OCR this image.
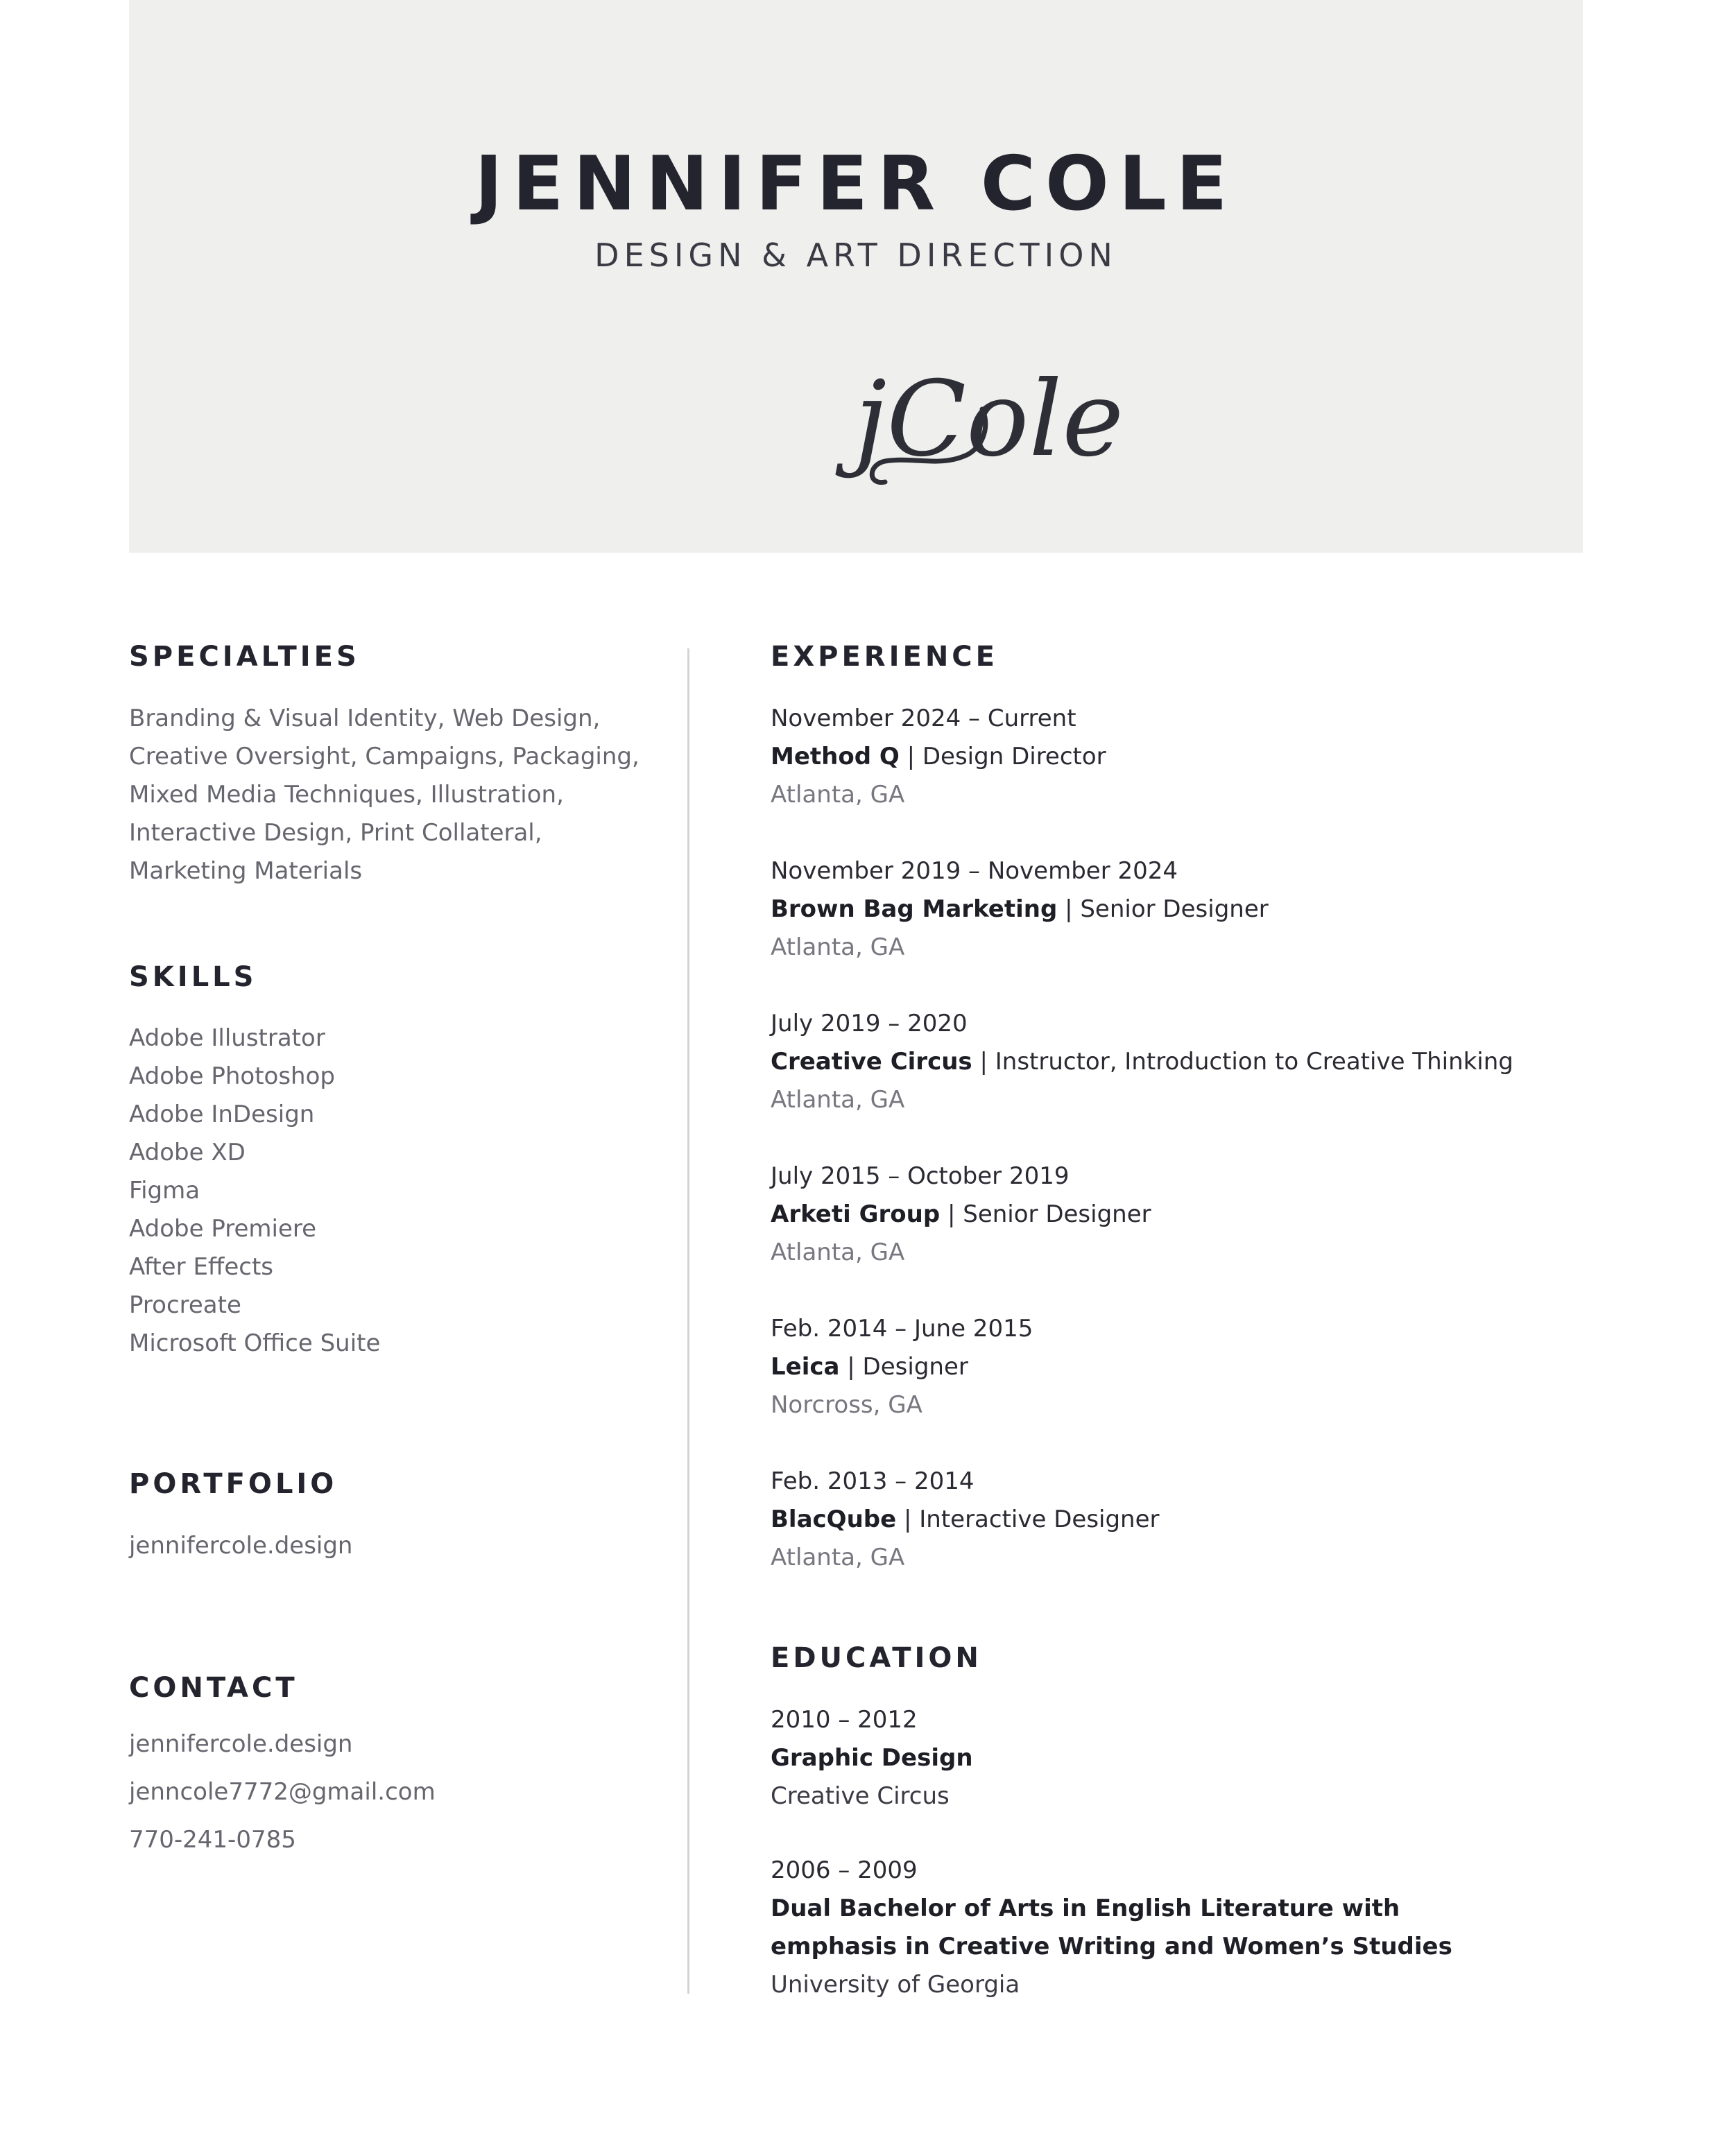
JENNIFER COLE
DESIGN & ART DIRECTION
jCole
SPECIALTIES
Branding & Visual Identity, Web Design,
Creative Oversight, Campaigns, Packaging,
Mixed Media Techniques, Illustration,
Interactive Design, Print Collateral,
Marketing Materials
SKILLS
Adobe Illustrator
Adobe Photoshop
Adobe InDesign
Adobe XD
Figma
Adobe Premiere
After Effects
Procreate
Microsoft Office Suite
PORTFOLIO
jennifercole.design
CONTACT
jennifercole.design
jenncole7772@gmail.com
770-241-0785
EXPERIENCE
November 2024 – Current
Method Q | Design Director
Atlanta, GA
November 2019 – November 2024
Brown Bag Marketing | Senior Designer
Atlanta, GA
July 2019 – 2020
Creative Circus | Instructor, Introduction to Creative Thinking
Atlanta, GA
July 2015 – October 2019
Arketi Group | Senior Designer
Atlanta, GA
Feb. 2014 – June 2015
Leica | Designer
Norcross, GA
Feb. 2013 – 2014
BlacQube | Interactive Designer
Atlanta, GA
EDUCATION
2010 – 2012
Graphic Design
Creative Circus
2006 – 2009
Dual Bachelor of Arts in English Literature with
emphasis in Creative Writing and Women’s Studies
University of Georgia
